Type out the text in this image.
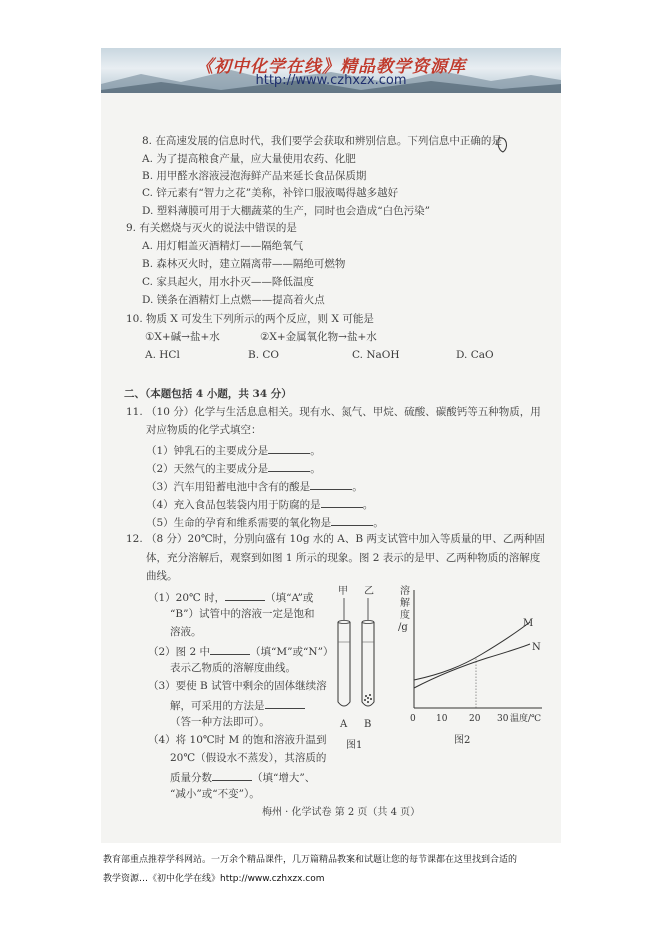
《初中化学在线》精品教学资源库
http://www.czhxzx.com
8. 在高速发展的信息时代，我们要学会获取和辨别信息。下列信息中正确的是
A. 为了提高粮食产量，应大量使用农药、化肥
B. 用甲醛水溶液浸泡海鲜产品来延长食品保质期
C. 锌元素有“智力之花”美称，补锌口服液喝得越多越好
D. 塑料薄膜可用于大棚蔬菜的生产，同时也会造成“白色污染”
9. 有关燃烧与灭火的说法中错误的是
A. 用灯帽盖灭酒精灯——隔绝氧气
B. 森林灭火时，建立隔离带——隔绝可燃物
C. 家具起火，用水扑灭——降低温度
D. 镁条在酒精灯上点燃——提高着火点
10. 物质 X 可发生下列所示的两个反应，则 X 可能是
①X+碱→盐+水	②X+金属氧化物→盐+水
A. HCl	B. CO	C. NaOH	D. CaO
二、（本题包括 4 小题，共 34 分）
11. （10 分）化学与生活息息相关。现有水、氮气、甲烷、硫酸、碳酸钙等五种物质，用
对应物质的化学式填空：
（1）钟乳石的主要成分是	。
（2）天然气的主要成分是	。
（3）汽车用铅蓄电池中含有的酸是	。
（4）充入食品包装袋内用于防腐的是	。
（5）生命的孕育和维系需要的氧化物是	。
12. （8 分）20℃时，分别向盛有 10g 水的 A、B 两支试管中加入等质量的甲、乙两种固
体，充分溶解后，观察到如图 1 所示的现象。图 2 表示的是甲、乙两种物质的溶解度
曲线。
（1）20℃ 时，	（填“A”或
“B”）试管中的溶液一定是饱和
溶液。
（2）图 2 中	（填“M”或“N”）
表示乙物质的溶解度曲线。
（3）要使 B 试管中剩余的固体继续溶
解，可采用的方法是
（答一种方法即可）。
（4）将 10℃时 M 的饱和溶液升温到
20℃（假设水不蒸发），其溶质的
质量分数	（填“增大”、
“减小”或“不变”）。
甲 乙
A B
图1
溶
解
度
/g	M
N
0 10 20 30 温度/℃
图2
梅州 · 化学试卷 第 2 页（共 4 页）
教育部重点推荐学科网站。一万余个精品课件，几万篇精品教案和试题让您的每节课都在这里找到合适的
教学资源…《初中化学在线》http://www.czhxzx.com
